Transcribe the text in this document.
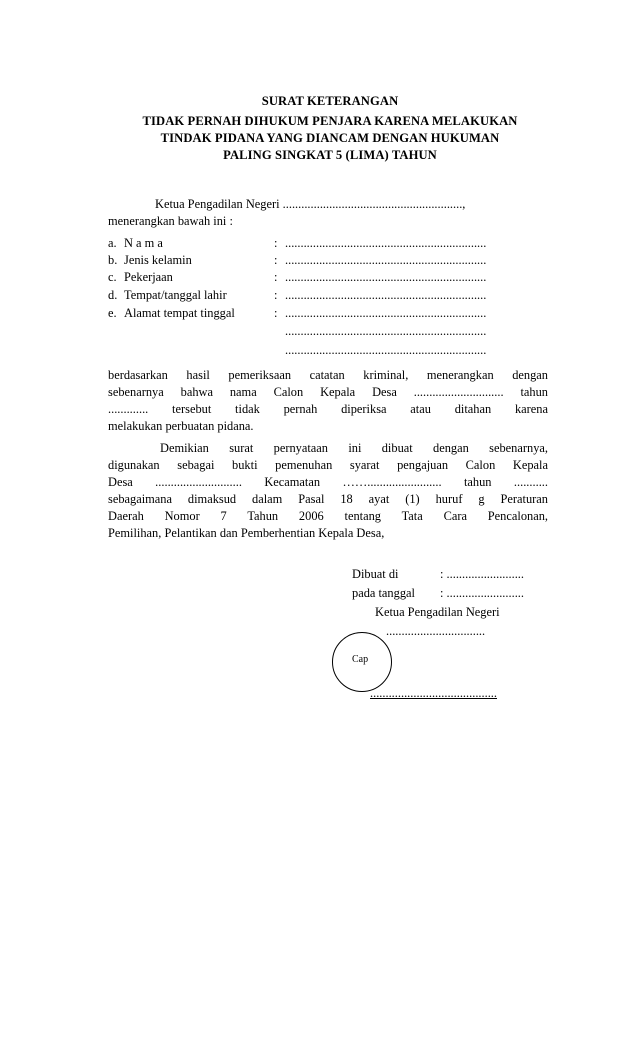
SURAT KETERANGAN
TIDAK PERNAH DIHUKUM PENJARA KARENA MELAKUKAN
TINDAK PIDANA YANG DIANCAM DENGAN HUKUMAN
PALING SINGKAT 5 (LIMA) TAHUN
Ketua Pengadilan Negeri ..........................................................,
menerangkan bawah ini :
a. N a m a	: .................................................................
b. Jenis kelamin	: .................................................................
c. Pekerjaan	: .................................................................
d. Tempat/tanggal lahir	: .................................................................
e. Alamat tempat tinggal	: .................................................................
.................................................................
.................................................................
berdasarkan hasil pemeriksaan catatan kriminal, menerangkan dengan
sebenarnya bahwa nama Calon Kepala Desa ............................. tahun
............. tersebut tidak pernah diperiksa atau ditahan karena
melakukan perbuatan pidana.
Demikian surat pernyataan ini dibuat dengan sebenarnya,
digunakan sebagai bukti pemenuhan syarat pengajuan Calon Kepala
Desa ............................ Kecamatan ……........................ tahun ...........
sebagaimana dimaksud dalam Pasal 18 ayat (1) huruf g Peraturan
Daerah Nomor 7 Tahun 2006 tentang Tata Cara Pencalonan,
Pemilihan, Pelantikan dan Pemberhentian Kepala Desa,
Dibuat di	: .........................
pada tanggal : .........................
Ketua Pengadilan Negeri
................................
Cap
.........................................
